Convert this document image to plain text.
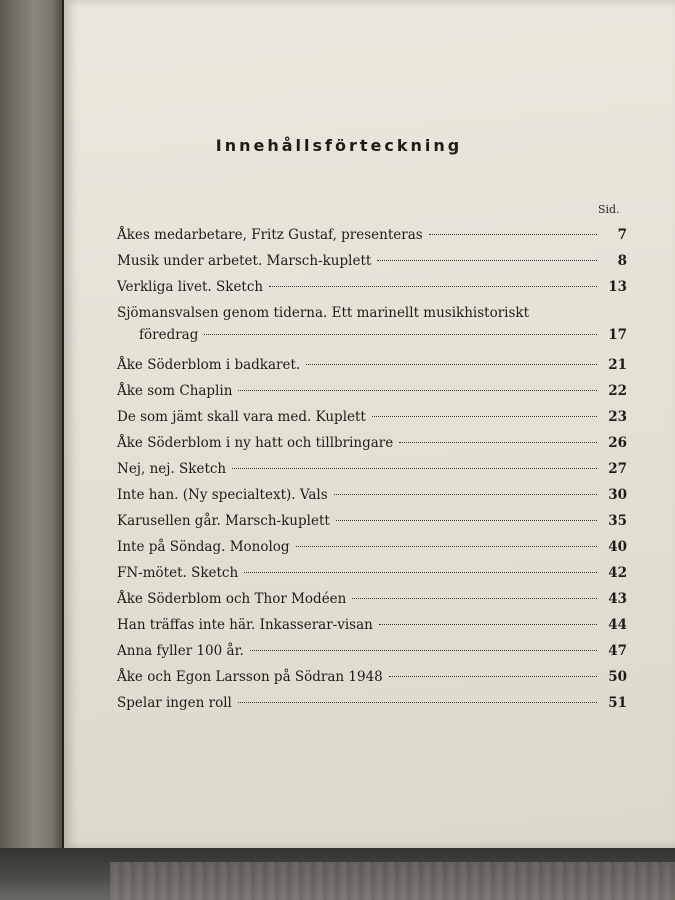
Innehållsförteckning
Sid.
Åkes medarbetare, Fritz Gustaf, presenteras	7
Musik under arbetet. Marsch-kuplett	8
Verkliga livet. Sketch	13
Sjömansvalsen genom tiderna. Ett marinellt musikhistoriskt
föredrag	17
Åke Söderblom i badkaret.	21
Åke som Chaplin	22
De som jämt skall vara med. Kuplett	23
Åke Söderblom i ny hatt och tillbringare	26
Nej, nej. Sketch	27
Inte han. (Ny specialtext). Vals	30
Karusellen går. Marsch-kuplett	35
Inte på Söndag. Monolog	40
FN-mötet. Sketch	42
Åke Söderblom och Thor Modéen	43
Han träffas inte här. Inkasserar-visan	44
Anna fyller 100 år.	47
Åke och Egon Larsson på Södran 1948	50
Spelar ingen roll	51
